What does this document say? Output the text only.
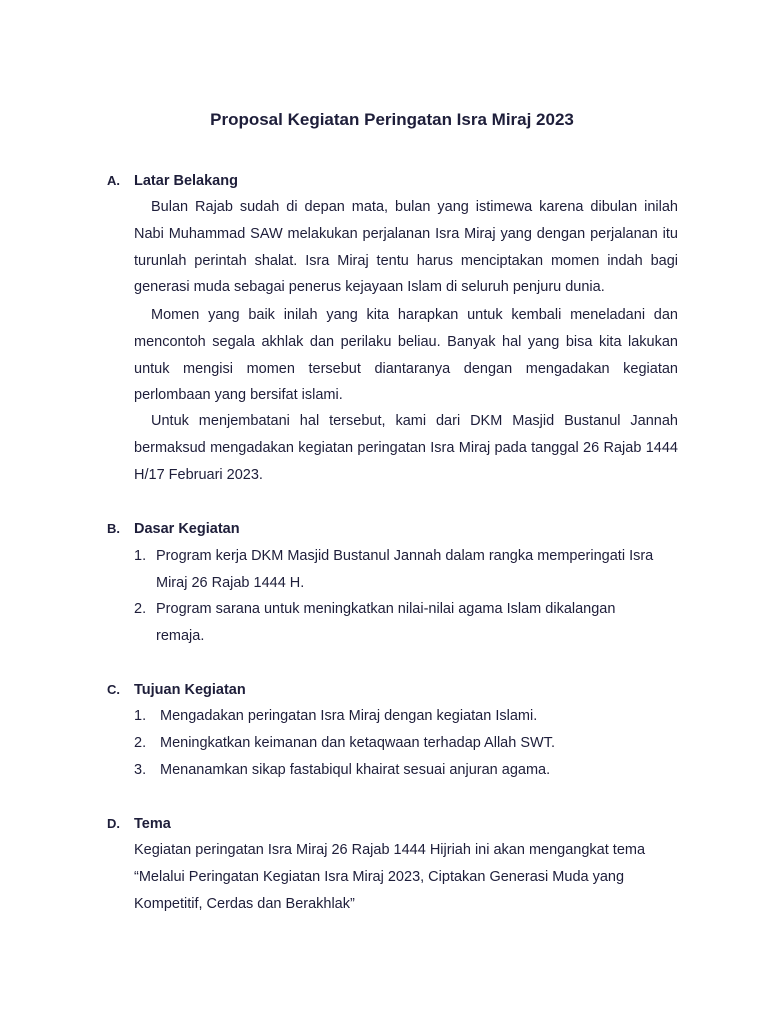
Proposal Kegiatan Peringatan Isra Miraj 2023
A. Latar Belakang

Bulan Rajab sudah di depan mata, bulan yang istimewa karena dibulan inilah Nabi Muhammad SAW melakukan perjalanan Isra Miraj yang dengan perjalanan itu turunlah perintah shalat. Isra Miraj tentu harus menciptakan momen indah bagi generasi muda sebagai penerus kejayaan Islam di seluruh penjuru dunia.

Momen yang baik inilah yang kita harapkan untuk kembali meneladani dan mencontoh segala akhlak dan perilaku beliau. Banyak hal yang bisa kita lakukan untuk mengisi momen tersebut diantaranya dengan mengadakan kegiatan perlombaan yang bersifat islami.

Untuk menjembatani hal tersebut, kami dari DKM Masjid Bustanul Jannah bermaksud mengadakan kegiatan peringatan Isra Miraj pada tanggal 26 Rajab 1444 H/17 Februari 2023.

B. Dasar Kegiatan
1. Program kerja DKM Masjid Bustanul Jannah dalam rangka memperingati Isra
Miraj 26 Rajab 1444 H.
2. Program sarana untuk meningkatkan nilai-nilai agama Islam dikalangan
remaja.
C. Tujuan Kegiatan
1. Mengadakan peringatan Isra Miraj dengan kegiatan Islami.
2. Meningkatkan keimanan dan ketaqwaan terhadap Allah SWT.
3. Menanamkan sikap fastabiqul khairat sesuai anjuran agama.
D. Tema

Kegiatan peringatan Isra Miraj 26 Rajab 1444 Hijriah ini akan mengangkat tema

“Melalui Peringatan Kegiatan Isra Miraj 2023, Ciptakan Generasi Muda yang

Kompetitif, Cerdas dan Berakhlak”
